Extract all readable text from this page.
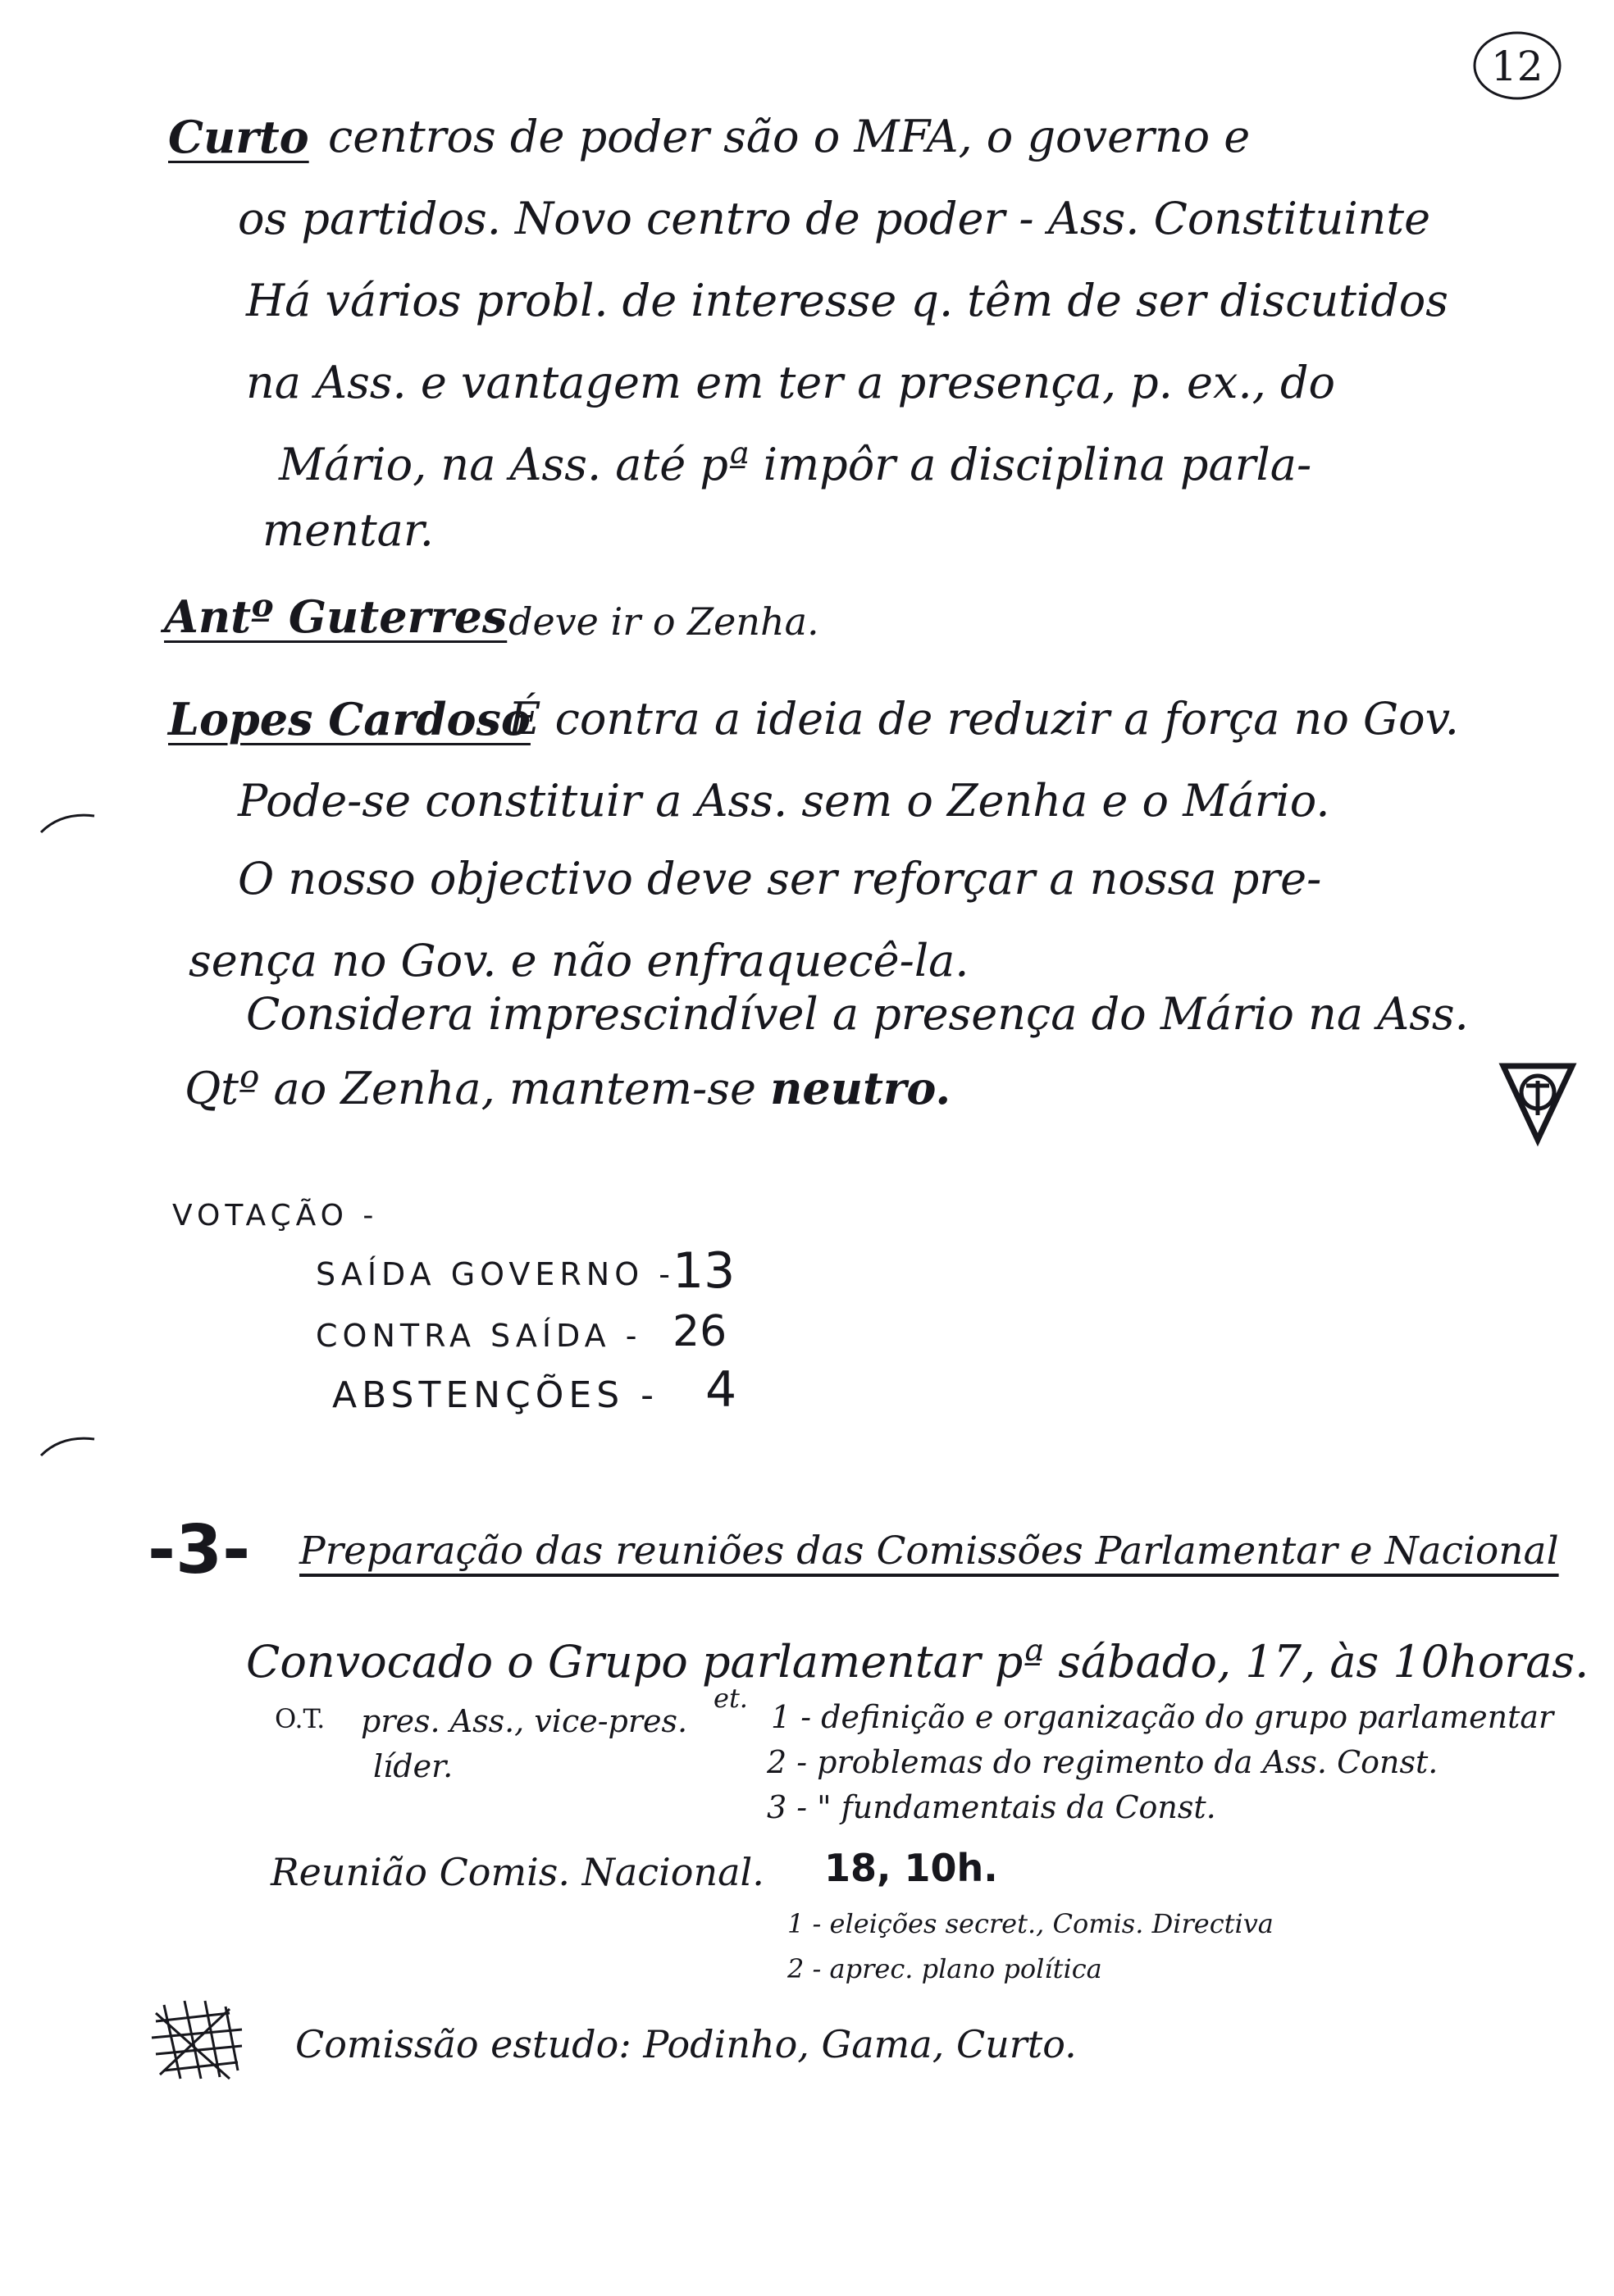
12
Curto centros de poder são o MFA, o governo e
os partidos. Novo centro de poder - Ass. Constituinte
Há vários probl. de interesse q. têm de ser discutidos
na Ass. e vantagem em ter a presença, p. ex., do
Mário, na Ass. até pª impôr a disciplina parla-
mentar.
Antº Guterres deve ir o Zenha.
Lopes Cardoso
É contra a ideia de reduzir a força no Gov.
Pode-se constituir a Ass. sem o Zenha e o Mário.
O nosso objectivo deve ser reforçar a nossa pre-
sença no Gov. e não enfraquecê-la.
Considera imprescindível a presença do Mário na Ass.
Qtº ao Zenha, mantem-se neutro.
VOTAÇÃO -
SAÍDA GOVERNO -
13
CONTRA SAÍDA - 26
ABSTENÇÕES - 4
-3- Preparação das reuniões das Comissões Parlamentar e Nacional
Convocado o Grupo parlamentar pª sábado, 17, às 10horas.
O.T. pres. Ass., vice-pres.
líder.
et.
1 - definição e organização do grupo parlamentar
2 - problemas do regimento da Ass. Const.
3 - " fundamentais da Const.
Reunião Comis. Nacional. 18, 10h.
1 - eleições secret., Comis. Directiva
2 - aprec. plano política
Comissão estudo: Podinho, Gama, Curto.
